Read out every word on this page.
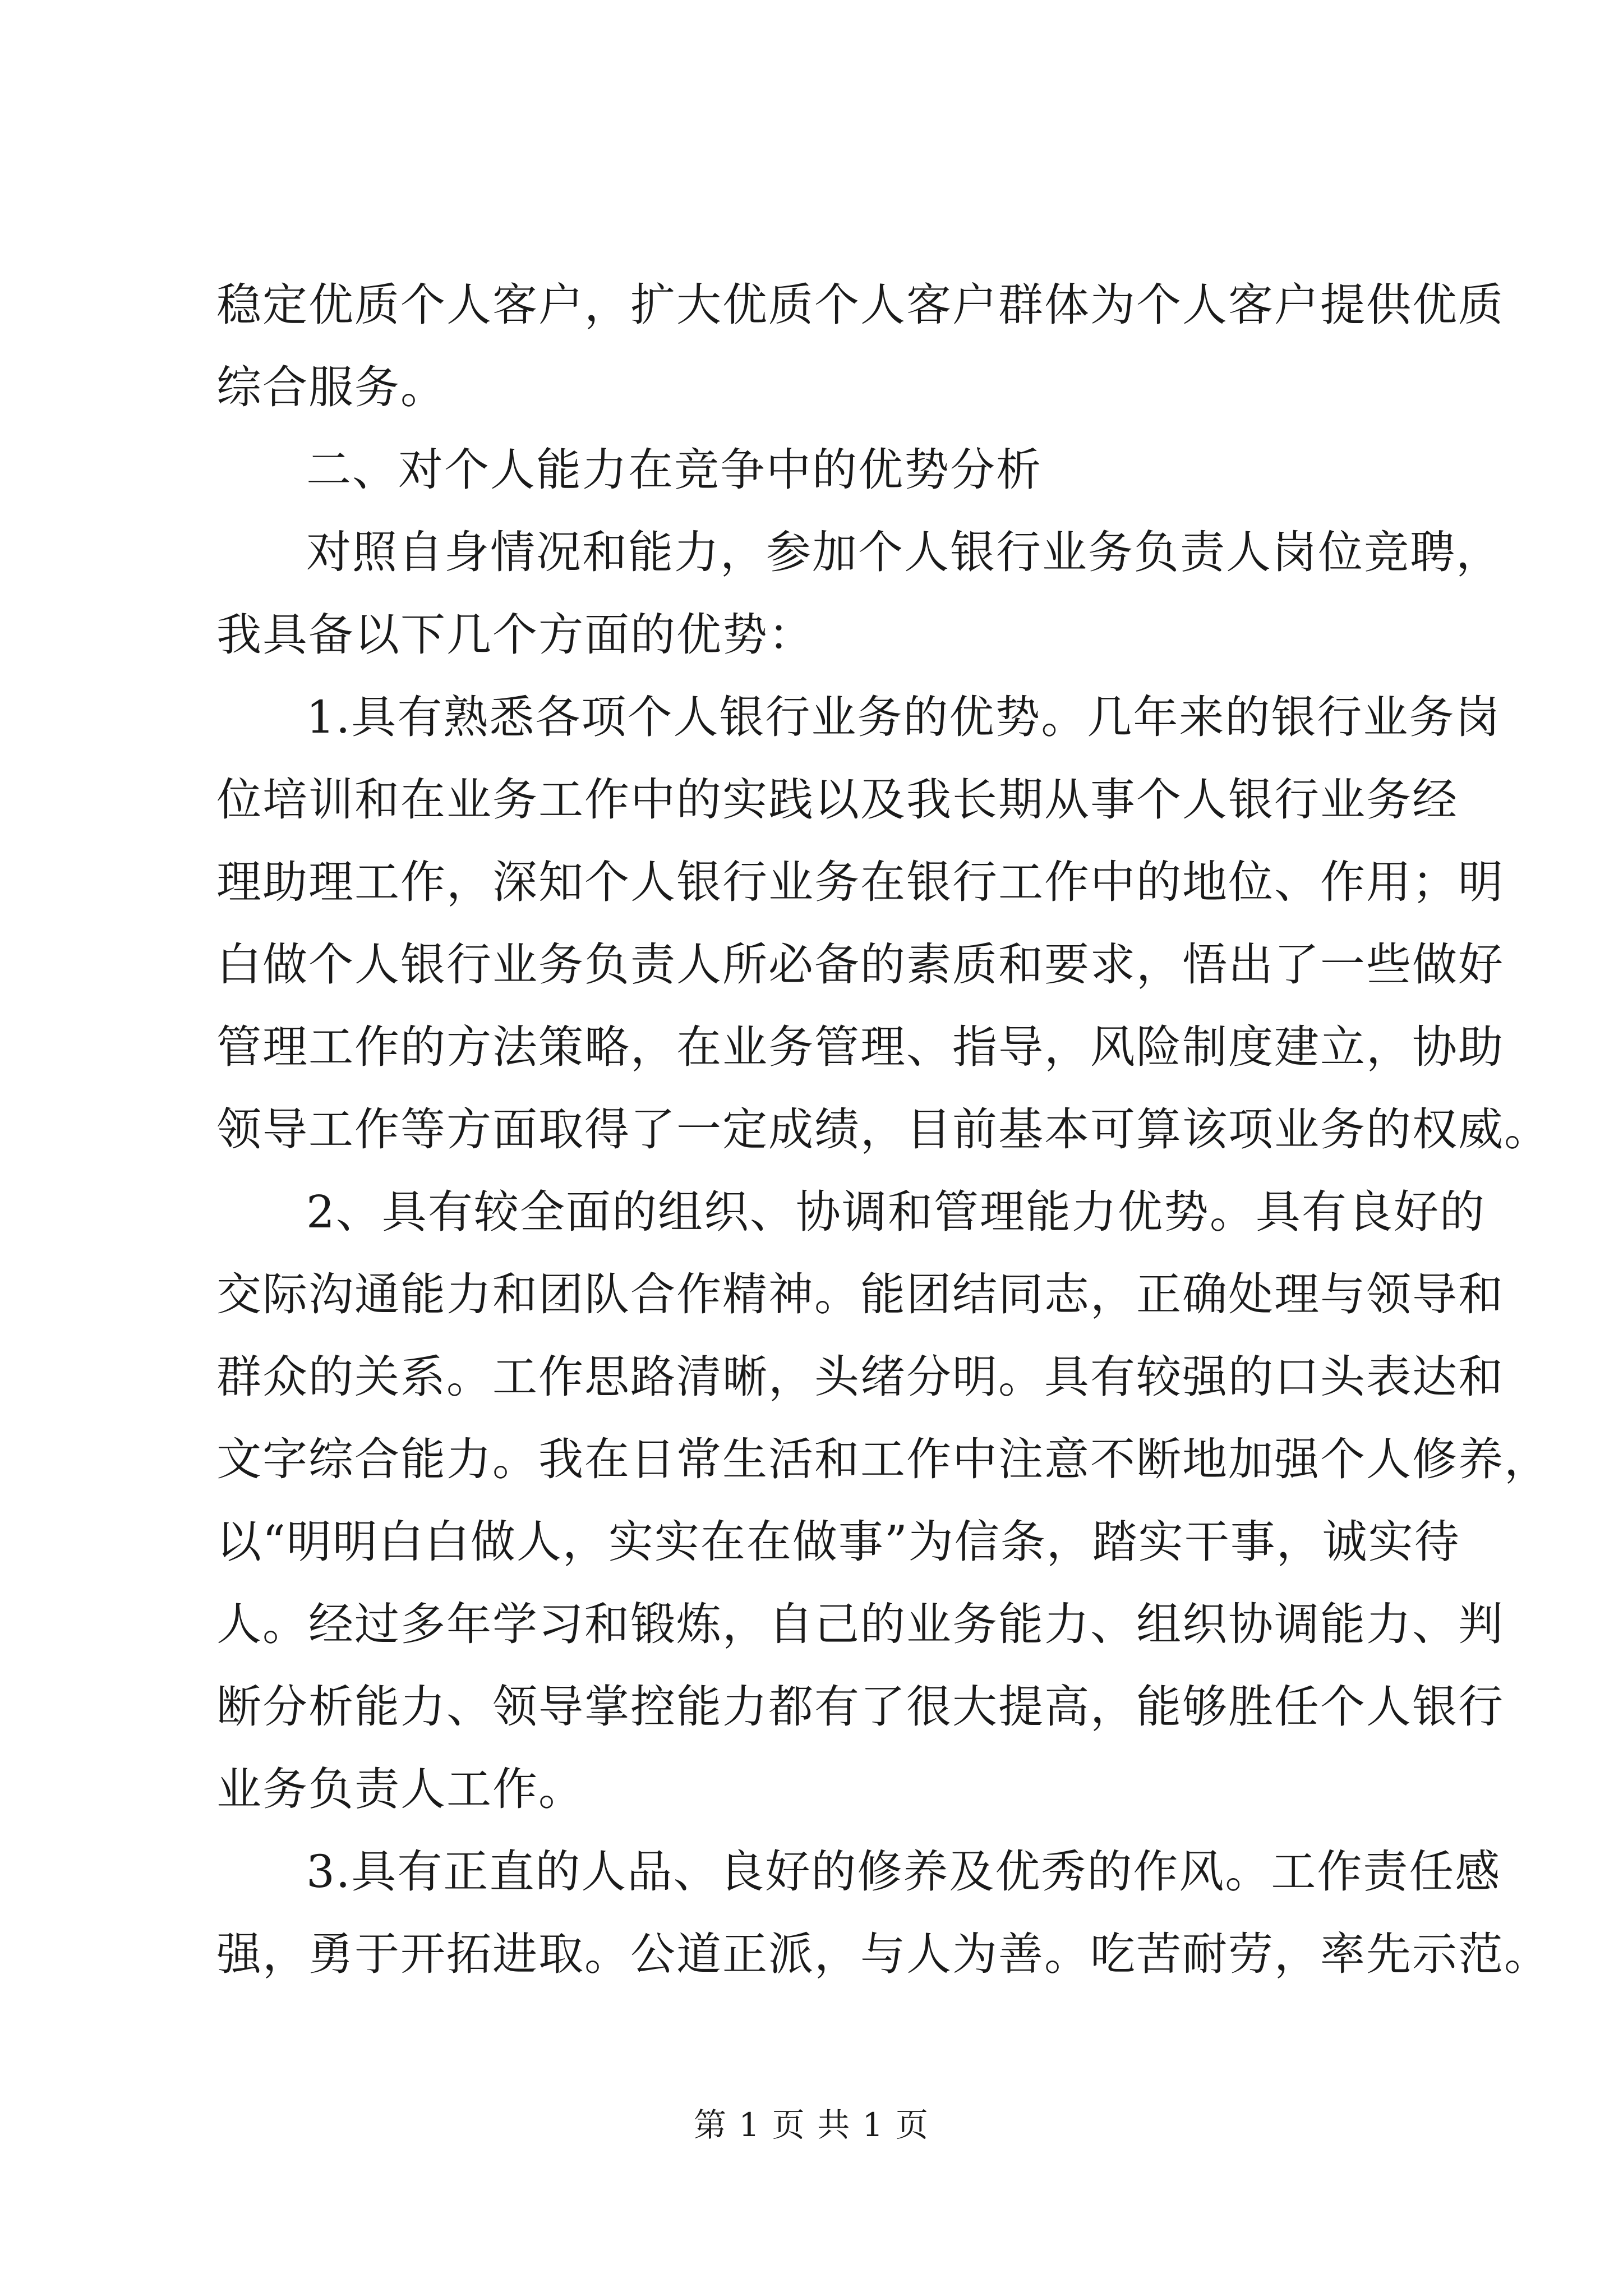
稳定优质个人客户，扩大优质个人客户群体为个人客户提供优质
综合服务。
二、对个人能力在竞争中的优势分析
对照自身情况和能力，参加个人银行业务负责人岗位竞聘，
我具备以下几个方面的优势：
1.具有熟悉各项个人银行业务的优势。几年来的银行业务岗
位培训和在业务工作中的实践以及我长期从事个人银行业务经
理助理工作，深知个人银行业务在银行工作中的地位、作用；明
白做个人银行业务负责人所必备的素质和要求，悟出了一些做好
管理工作的方法策略，在业务管理、指导，风险制度建立，协助
领导工作等方面取得了一定成绩，目前基本可算该项业务的权威。
2、具有较全面的组织、协调和管理能力优势。具有良好的
交际沟通能力和团队合作精神。能团结同志，正确处理与领导和
群众的关系。工作思路清晰，头绪分明。具有较强的口头表达和
文字综合能力。我在日常生活和工作中注意不断地加强个人修养，
以“明明白白做人，实实在在做事”为信条，踏实干事，诚实待
人。经过多年学习和锻炼，自己的业务能力、组织协调能力、判
断分析能力、领导掌控能力都有了很大提高，能够胜任个人银行
业务负责人工作。
3.具有正直的人品、良好的修养及优秀的作风。工作责任感
强，勇于开拓进取。公道正派，与人为善。吃苦耐劳，率先示范。
第 1 页 共 1 页
